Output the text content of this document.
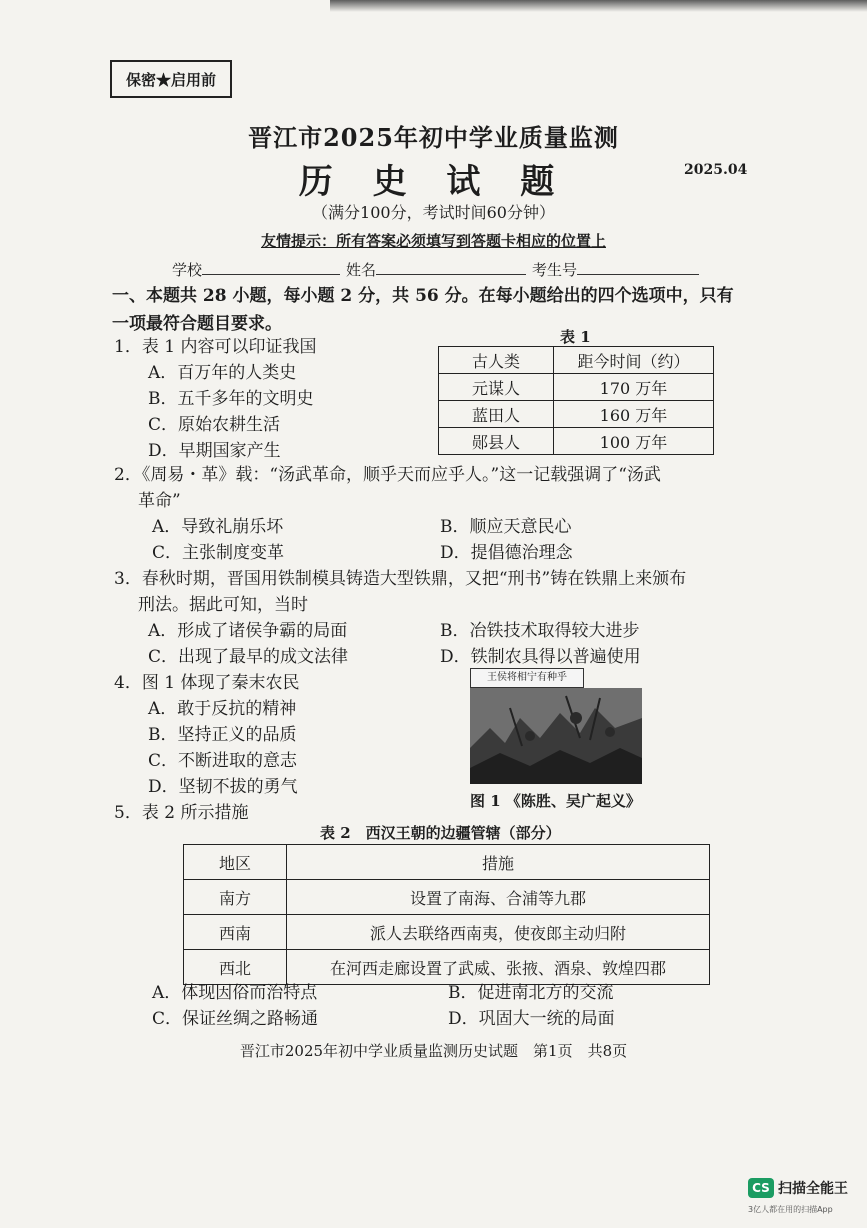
保密★启用前
晋江市2025年初中学业质量监测
历 史 试 题	2025.04
（满分100分，考试时间60分钟）
友情提示：所有答案必须填写到答题卡相应的位置上
学校	姓名	考生号
一、本题共 28 小题，每小题 2 分，共 56 分。在每小题给出的四个选项中，只有
一项最符合题目要求。
1．表 1 内容可以印证我国
A．百万年的人类史
B．五千多年的文明史
C．原始农耕生活
D．早期国家产生
表 1
古人类	距今时间（约）
元谋人	170 万年
蓝田人	160 万年
郧县人	100 万年
2．《周易・革》载：“汤武革命，顺乎天而应乎人。”这一记载强调了“汤武
革命”
A．导致礼崩乐坏	B．顺应天意民心
C．主张制度变革	D．提倡德治理念
3．春秋时期，晋国用铁制模具铸造大型铁鼎，又把“刑书”铸在铁鼎上来颁布
刑法。据此可知，当时
A．形成了诸侯争霸的局面	B．冶铁技术取得较大进步
C．出现了最早的成文法律	D．铁制农具得以普遍使用
4．图 1 体现了秦末农民
A．敢于反抗的精神
B．坚持正义的品质
C．不断进取的意志
D．坚韧不拔的勇气
王侯将相宁有种乎
图 1 《陈胜、吴广起义》
5．表 2 所示措施
表 2　西汉王朝的边疆管辖（部分）
地区	措施
南方	设置了南海、合浦等九郡
西南	派人去联络西南夷，使夜郎主动归附
西北	在河西走廊设置了武威、张掖、酒泉、敦煌四郡
A．体现因俗而治特点	B．促进南北方的交流
C．保证丝绸之路畅通	D．巩固大一统的局面
晋江市2025年初中学业质量监测历史试题　第1页　共8页
CS 扫描全能王
3亿人都在用的扫描App
